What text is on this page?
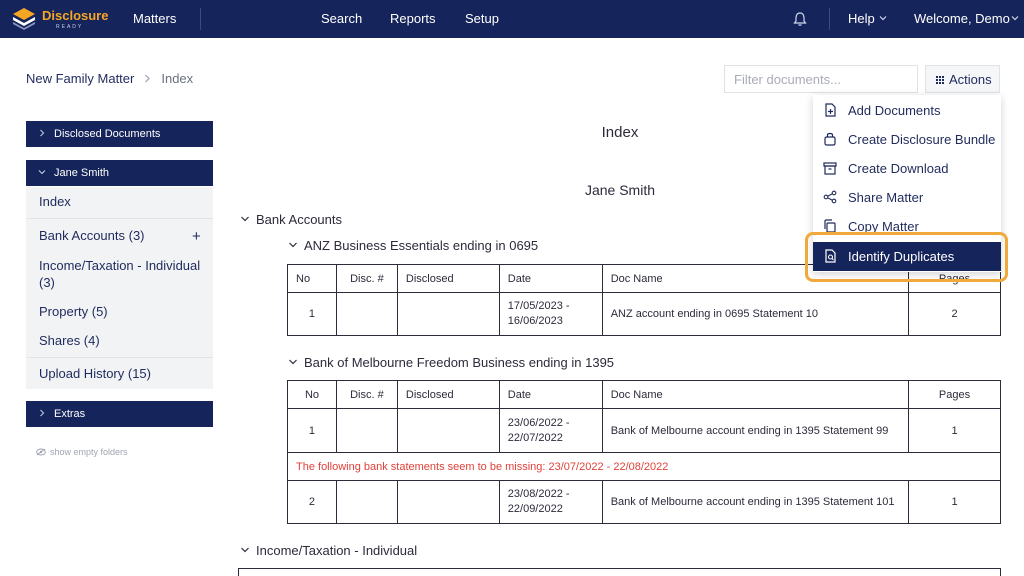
Disclosure
READY
Matters	Search Reports Setup	Help	Welcome, Demo
New Family Matter Index
Filter documents...	Actions
Disclosed Documents
Jane Smith
Index
Bank Accounts (3)
Income/Taxation - Individual (3)
Property (5)
Shares (4)
Upload History (15)
+
Extras
show empty folders
Index
Jane Smith
Bank Accounts
ANZ Business Essentials ending in 0695
No	Disc. #	Disclosed	Date	Doc Name	Pages
1			17/05/2023 -
16/06/2023	ANZ account ending in 0695 Statement 10	2
Bank of Melbourne Freedom Business ending in 1395
No	Disc. #	Disclosed	Date	Doc Name	Pages
1			23/06/2022 -
22/07/2022	Bank of Melbourne account ending in 1395 Statement 99	1
The following bank statements seem to be missing: 23/07/2022 - 22/08/2022					
2			23/08/2022 -
22/09/2022	Bank of Melbourne account ending in 1395 Statement 101	1
Income/Taxation - Individual
Add Documents
Create Disclosure Bundle
Create Download
Share Matter
Copy Matter
Identify Duplicates
